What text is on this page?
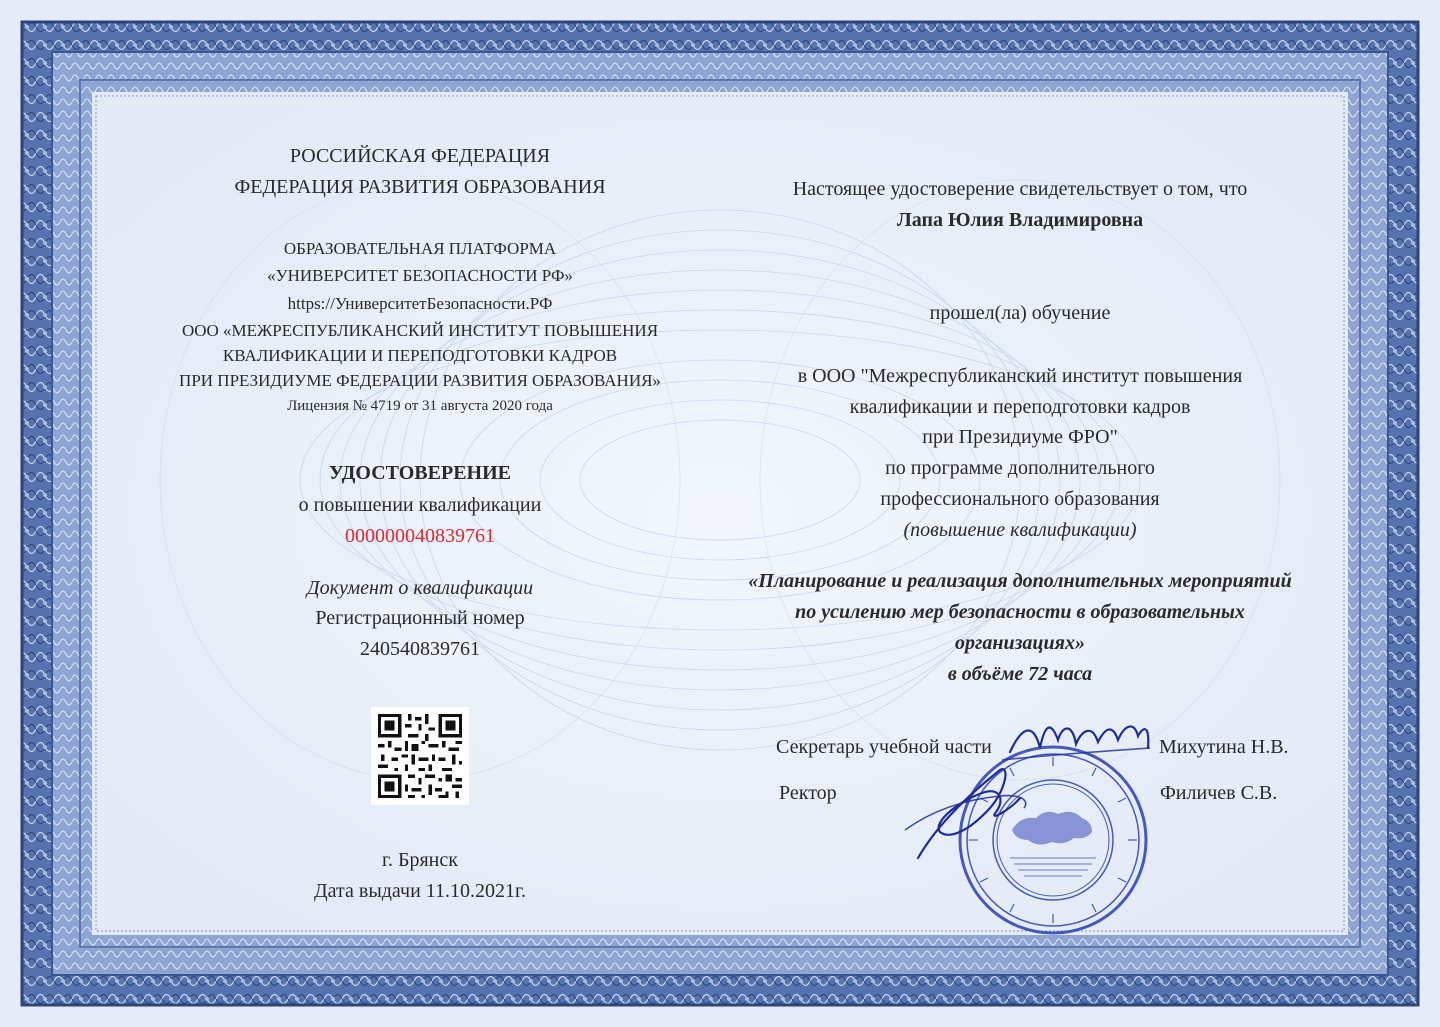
РОССИЙСКАЯ ФЕДЕРАЦИЯ
ФЕДЕРАЦИЯ РАЗВИТИЯ ОБРАЗОВАНИЯ
ОБРАЗОВАТЕЛЬНАЯ ПЛАТФОРМА
«УНИВЕРСИТЕТ БЕЗОПАСНОСТИ РФ»
https://УниверситетБезопасности.РФ
ООО «МЕЖРЕСПУБЛИКАНСКИЙ ИНСТИТУТ ПОВЫШЕНИЯ
КВАЛИФИКАЦИИ И ПЕРЕПОДГОТОВКИ КАДРОВ
ПРИ ПРЕЗИДИУМЕ ФЕДЕРАЦИИ РАЗВИТИЯ ОБРАЗОВАНИЯ»
Лицензия № 4719 от 31 августа 2020 года
УДОСТОВЕРЕНИЕ
о повышении квалификации
000000040839761
Документ о квалификации
Регистрационный номер
240540839761
г. Брянск
Дата выдачи 11.10.2021г.
Настоящее удостоверение свидетельствует о том, что
Лапа Юлия Владимировна
прошел(ла) обучение
в ООО "Межреспубликанский институт повышения
квалификации и переподготовки кадров
при Президиуме ФРО"
по программе дополнительного
профессионального образования
(повышение квалификации)
«Планирование и реализация дополнительных мероприятий
по усилению мер безопасности в образовательных
организациях»
в объёме 72 часа
Секретарь учебной части	Михутина Н.В.
Ректор	Филичев С.В.
